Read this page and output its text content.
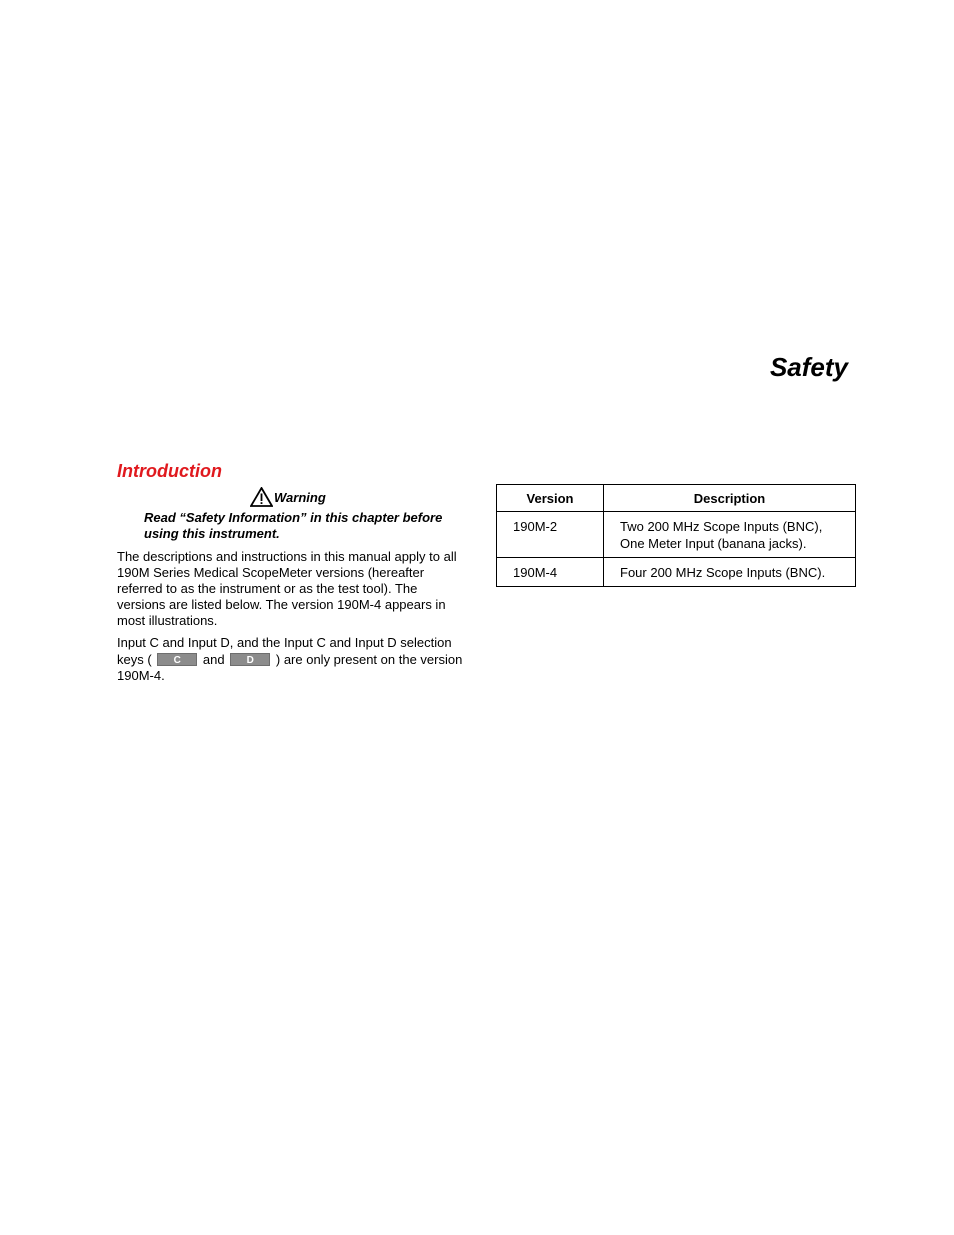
Safety
Introduction
Warning

Read “Safety Information” in this chapter before using this instrument.

The descriptions and instructions in this manual apply to all 190M Series Medical ScopeMeter versions (hereafter referred to as the instrument or as the test tool). The versions are listed below. The version 190M-4 appears in most illustrations.

Input C and Input D, and the Input C and Input D selection keys ( C and D ) are only present on the version 190M-4.

Version	Description
190M-2	Two 200 MHz Scope Inputs (BNC),
One Meter Input (banana jacks).

190M-4	Four 200 MHz Scope Inputs (BNC).
